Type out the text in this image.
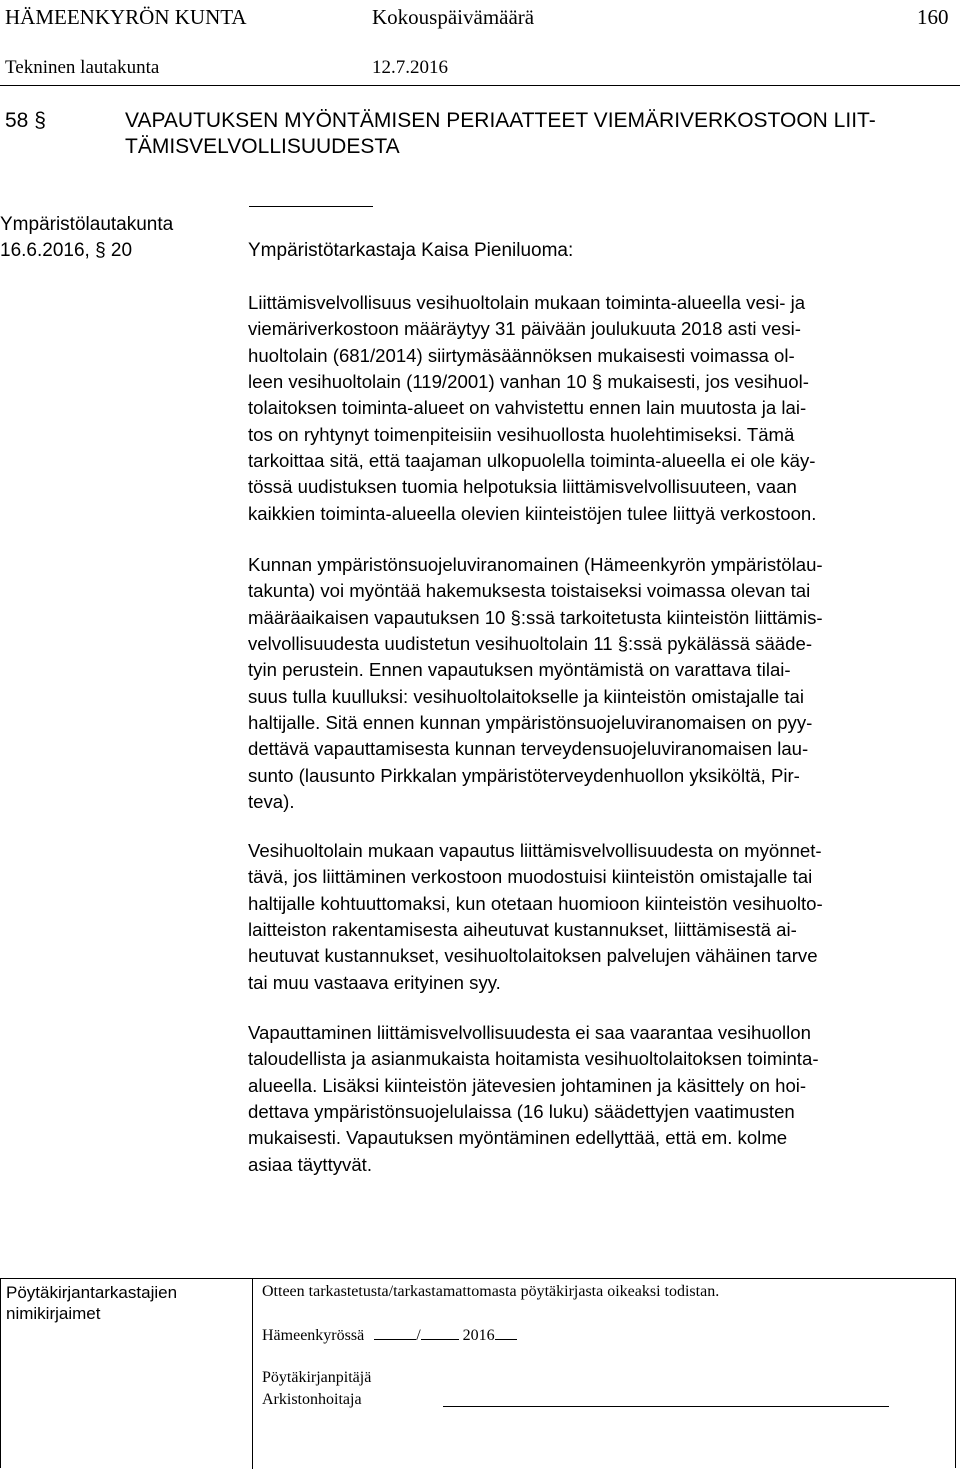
HÄMEENKYRÖN KUNTA	Kokouspäivämäärä	160
Tekninen lautakunta	12.7.2016
58 §	VAPAUTUKSEN MYÖNTÄMISEN PERIAATTEET VIEMÄRIVERKOSTOON LIIT-
TÄMISVELVOLLISUUDESTA
Ympäristölautakunta
16.6.2016, § 20	Ympäristötarkastaja Kaisa Pieniluoma:
Liittämisvelvollisuus vesihuoltolain mukaan toiminta-alueella vesi- ja
viemäriverkostoon määräytyy 31 päivään joulukuuta 2018 asti vesi-
huoltolain (681/2014) siirtymäsäännöksen mukaisesti voimassa ol-
leen vesihuoltolain (119/2001) vanhan 10 § mukaisesti, jos vesihuol-
tolaitoksen toiminta-alueet on vahvistettu ennen lain muutosta ja lai-
tos on ryhtynyt toimenpiteisiin vesihuollosta huolehtimiseksi. Tämä
tarkoittaa sitä, että taajaman ulkopuolella toiminta-alueella ei ole käy-
tössä uudistuksen tuomia helpotuksia liittämisvelvollisuuteen, vaan
kaikkien toiminta-alueella olevien kiinteistöjen tulee liittyä verkostoon.
Kunnan ympäristönsuojeluviranomainen (Hämeenkyrön ympäristölau-
takunta) voi myöntää hakemuksesta toistaiseksi voimassa olevan tai
määräaikaisen vapautuksen 10 §:ssä tarkoitetusta kiinteistön liittämis-
velvollisuudesta uudistetun vesihuoltolain 11 §:ssä pykälässä sääde-
tyin perustein. Ennen vapautuksen myöntämistä on varattava tilai-
suus tulla kuulluksi: vesihuoltolaitokselle ja kiinteistön omistajalle tai
haltijalle. Sitä ennen kunnan ympäristönsuojeluviranomaisen on pyy-
dettävä vapauttamisesta kunnan terveydensuojeluviranomaisen lau-
sunto (lausunto Pirkkalan ympäristöterveydenhuollon yksiköltä, Pir-
teva).
Vesihuoltolain mukaan vapautus liittämisvelvollisuudesta on myönnet-
tävä, jos liittäminen verkostoon muodostuisi kiinteistön omistajalle tai
haltijalle kohtuuttomaksi, kun otetaan huomioon kiinteistön vesihuolto-
laitteiston rakentamisesta aiheutuvat kustannukset, liittämisestä ai-
heutuvat kustannukset, vesihuoltolaitoksen palvelujen vähäinen tarve
tai muu vastaava erityinen syy.
Vapauttaminen liittämisvelvollisuudesta ei saa vaarantaa vesihuollon
taloudellista ja asianmukaista hoitamista vesihuoltolaitoksen toiminta-
alueella. Lisäksi kiinteistön jätevesien johtaminen ja käsittely on hoi-
dettava ympäristönsuojelulaissa (16 luku) säädettyjen vaatimusten
mukaisesti. Vapautuksen myöntäminen edellyttää, että em. kolme
asiaa täyttyvät.
Pöytäkirjantarkastajien
nimikirjaimet
Otteen tarkastetusta/tarkastamattomasta pöytäkirjasta oikeaksi todistan.
Hämeenkyrössä	/	2016
Pöytäkirjanpitäjä
Arkistonhoitaja
